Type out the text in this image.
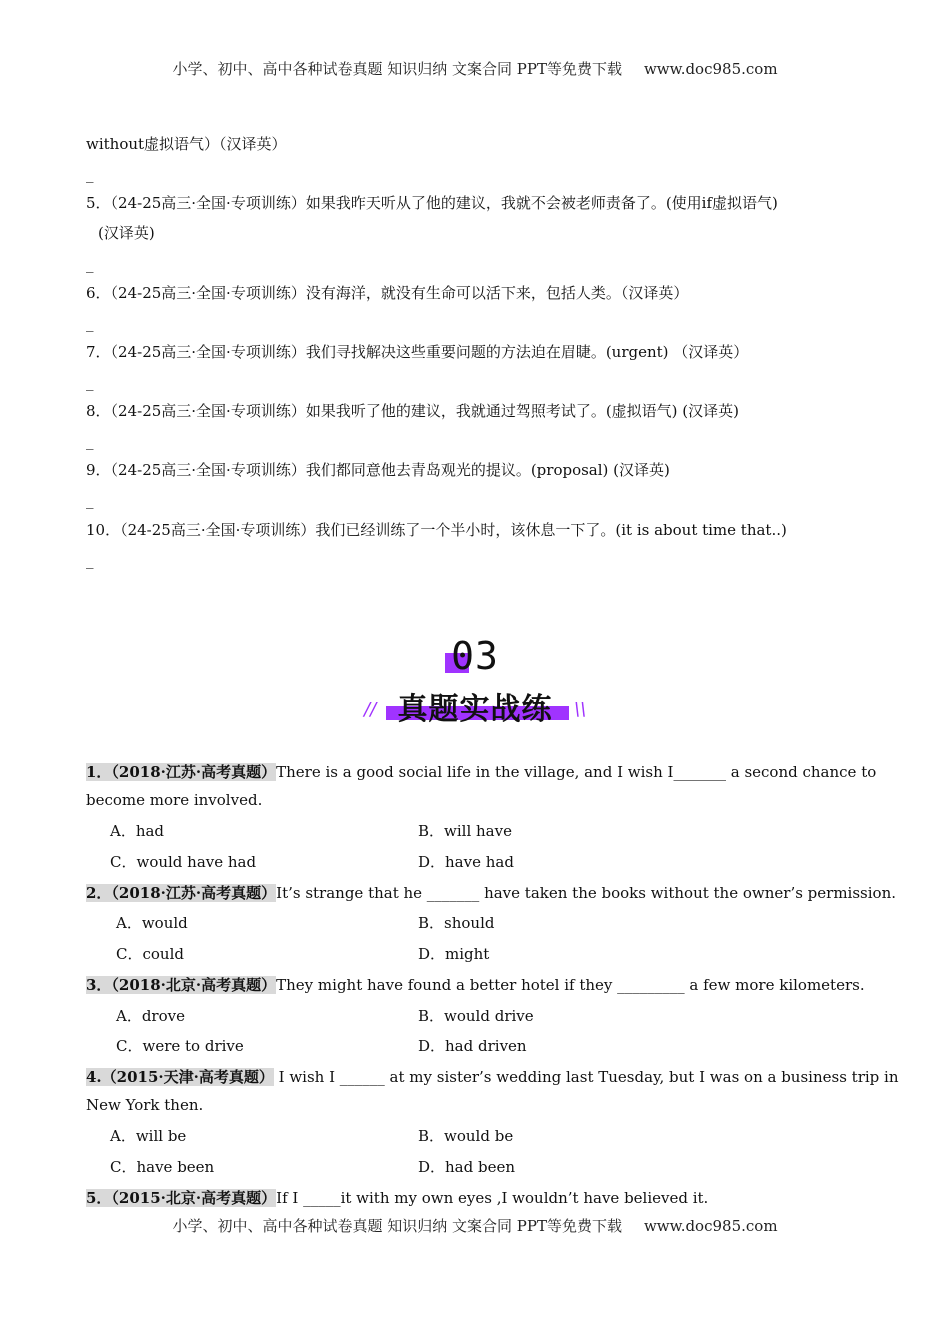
小学、初中、高中各种试卷真题 知识归纳 文案合同 PPT等免费下载 www.doc985.com
without虚拟语气）（汉译英）
_
5．（24-25高三·全国·专项训练）如果我昨天听从了他的建议，我就不会被老师责备了。(使用if虚拟语气)
(汉译英)
_
6．（24-25高三·全国·专项训练）没有海洋，就没有生命可以活下来，包括人类。（汉译英）
_
7．（24-25高三·全国·专项训练）我们寻找解决这些重要问题的方法迫在眉睫。(urgent) （汉译英）
_
8．（24-25高三·全国·专项训练）如果我听了他的建议，我就通过驾照考试了。(虚拟语气) (汉译英)
_
9．（24-25高三·全国·专项训练）我们都同意他去青岛观光的提议。(proposal) (汉译英)
_
10．（24-25高三·全国·专项训练）我们已经训练了一个半小时，该休息一下了。(it is about time that..)
_
03
//	\\
真题实战练
1．（2018·江苏·高考真题）There is a good social life in the village, and I wish I_______ a second chance to
become more involved.
A．had	B．will have
C．would have had	D．have had
2．（2018·江苏·高考真题）It’s strange that he _______ have taken the books without the owner’s permission.
A．would	B．should
C．could	D．might
3．（2018·北京·高考真题）They might have found a better hotel if they _________ a few more kilometers.
A．drove	B．would drive
C．were to drive	D．had driven
4.（2015·天津·高考真题） I wish I ______ at my sister’s wedding last Tuesday, but I was on a business trip in
New York then.
A．will be	B．would be
C．have been	D．had been
5．（2015·北京·高考真题）If I _____it with my own eyes ,I wouldn’t have believed it.
小学、初中、高中各种试卷真题 知识归纳 文案合同 PPT等免费下载 www.doc985.com
